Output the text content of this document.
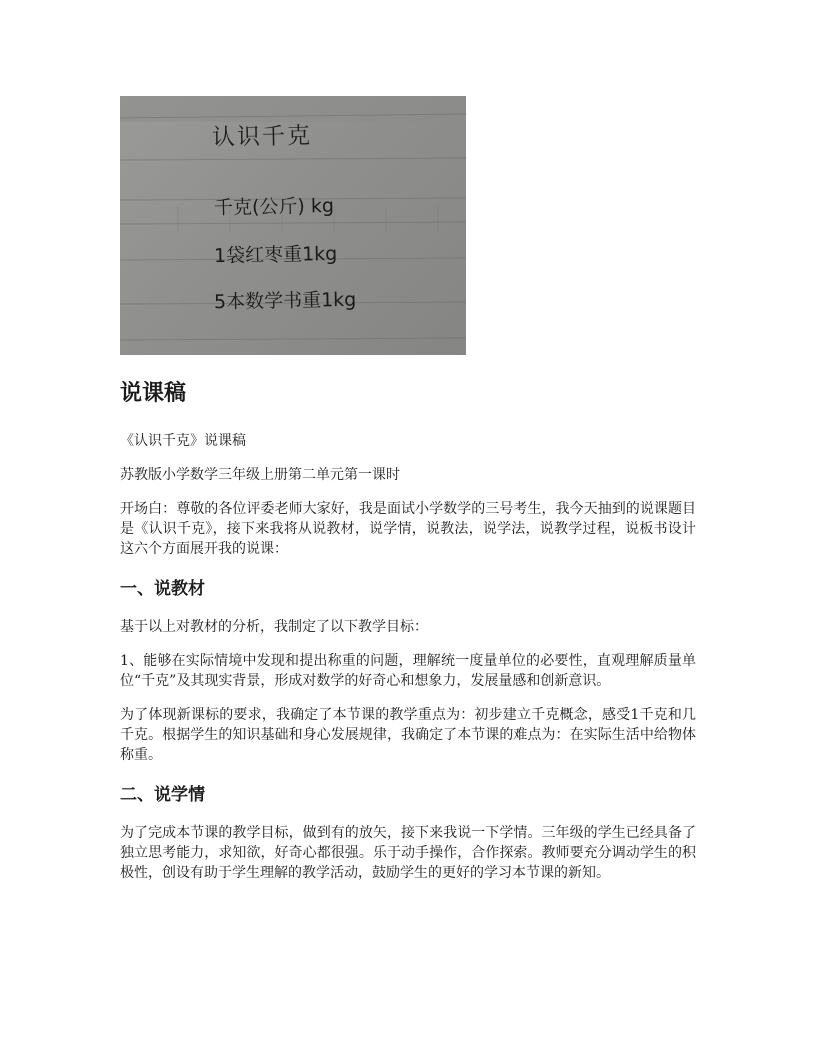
认识千克
千克(公斤) kg
1袋红枣重1kg
5本数学书重1kg
说课稿

《认识千克》说课稿

苏教版小学数学三年级上册第二单元第一课时

开场白：尊敬的各位评委老师大家好，我是面试小学数学的三号考生，我今天抽到的说课题目是《认识千克》，接下来我将从说教材，说学情，说教法，说学法，说教学过程，说板书设计这六个方面展开我的说课：

一、说教材

基于以上对教材的分析，我制定了以下教学目标：

1、能够在实际情境中发现和提出称重的问题，理解统一度量单位的必要性，直观理解质量单位“千克”及其现实背景，形成对数学的好奇心和想象力，发展量感和创新意识。

为了体现新课标的要求，我确定了本节课的教学重点为：初步建立千克概念，感受1千克和几千克。根据学生的知识基础和身心发展规律，我确定了本节课的难点为：在实际生活中给物体称重。

二、说学情

为了完成本节课的教学目标，做到有的放矢，接下来我说一下学情。三年级的学生已经具备了独立思考能力，求知欲，好奇心都很强。乐于动手操作，合作探索。教师要充分调动学生的积极性，创设有助于学生理解的教学活动，鼓励学生的更好的学习本节课的新知。
